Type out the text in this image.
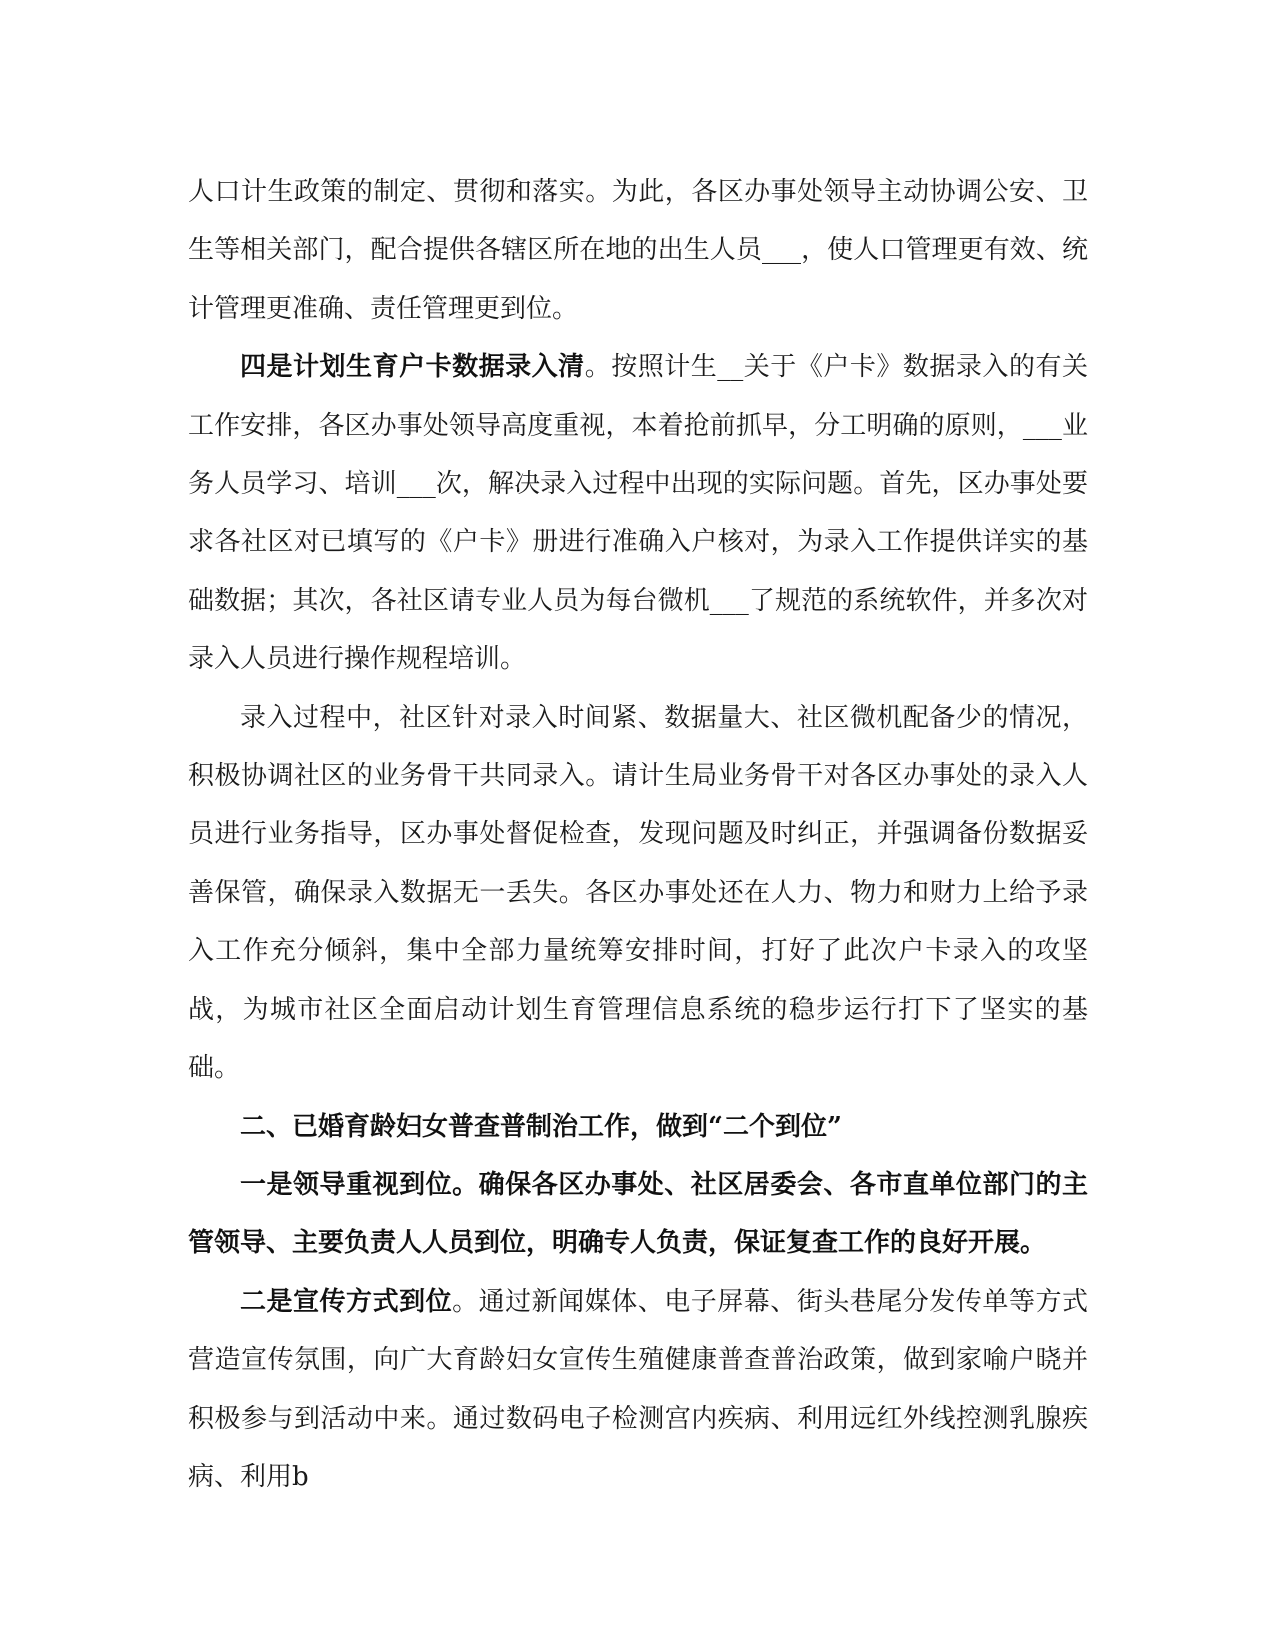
人口计生政策的制定、贯彻和落实。为此，各区办事处领导主动协调公安、卫生等相关部门，配合提供各辖区所在地的出生人员___，使人口管理更有效、统计管理更准确、责任管理更到位。

四是计划生育户卡数据录入清。按照计生__关于《户卡》数据录入的有关工作安排，各区办事处领导高度重视，本着抢前抓早，分工明确的原则，___业务人员学习、培训___次，解决录入过程中出现的实际问题。首先，区办事处要求各社区对已填写的《户卡》册进行准确入户核对，为录入工作提供详实的基础数据；其次，各社区请专业人员为每台微机___了规范的系统软件，并多次对录入人员进行操作规程培训。

录入过程中，社区针对录入时间紧、数据量大、社区微机配备少的情况，积极协调社区的业务骨干共同录入。请计生局业务骨干对各区办事处的录入人员进行业务指导，区办事处督促检查，发现问题及时纠正，并强调备份数据妥善保管，确保录入数据无一丢失。各区办事处还在人力、物力和财力上给予录入工作充分倾斜，集中全部力量统筹安排时间，打好了此次户卡录入的攻坚战，为城市社区全面启动计划生育管理信息系统的稳步运行打下了坚实的基础。

二、已婚育龄妇女普查普制治工作，做到“二个到位”

一是领导重视到位。确保各区办事处、社区居委会、各市直单位部门的主管领导、主要负责人人员到位，明确专人负责，保证复查工作的良好开展。

二是宣传方式到位。通过新闻媒体、电子屏幕、街头巷尾分发传单等方式营造宣传氛围，向广大育龄妇女宣传生殖健康普查普治政策，做到家喻户晓并积极参与到活动中来。通过数码电子检测宫内疾病、利用远红外线控测乳腺疾病、利用b
